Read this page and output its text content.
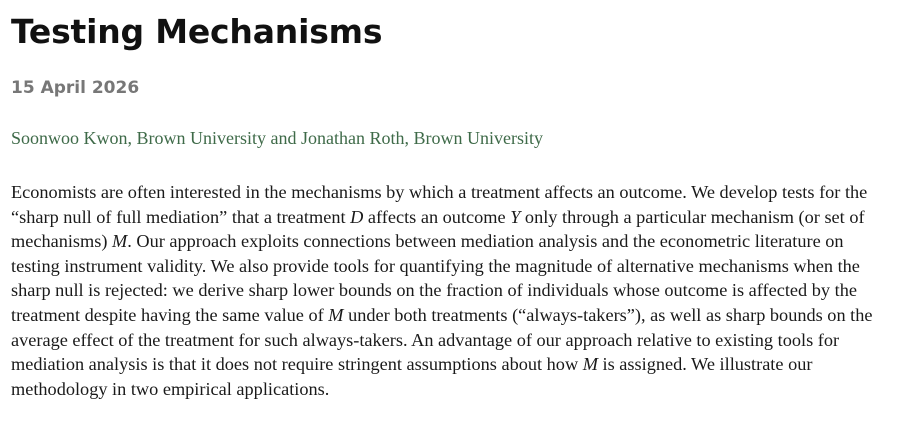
Testing Mechanisms
15 April 2026
Soonwoo Kwon, Brown University and Jonathan Roth, Brown University

Economists are often interested in the mechanisms by which a treatment affects an outcome. We develop tests for the “sharp null of full mediation” that a treatment D affects an outcome Y only through a particular mechanism (or set of mechanisms) M. Our approach exploits connections between mediation analysis and the econometric literature on testing instrument validity. We also provide tools for quantifying the magnitude of alternative mechanisms when the sharp null is rejected: we derive sharp lower bounds on the fraction of individuals whose outcome is affected by the treatment despite having the same value of M under both treatments (“always-takers”), as well as sharp bounds on the average effect of the treatment for such always-takers. An advantage of our approach relative to existing tools for mediation analysis is that it does not require stringent assumptions about how M is assigned. We illustrate our methodology in two empirical applications.
